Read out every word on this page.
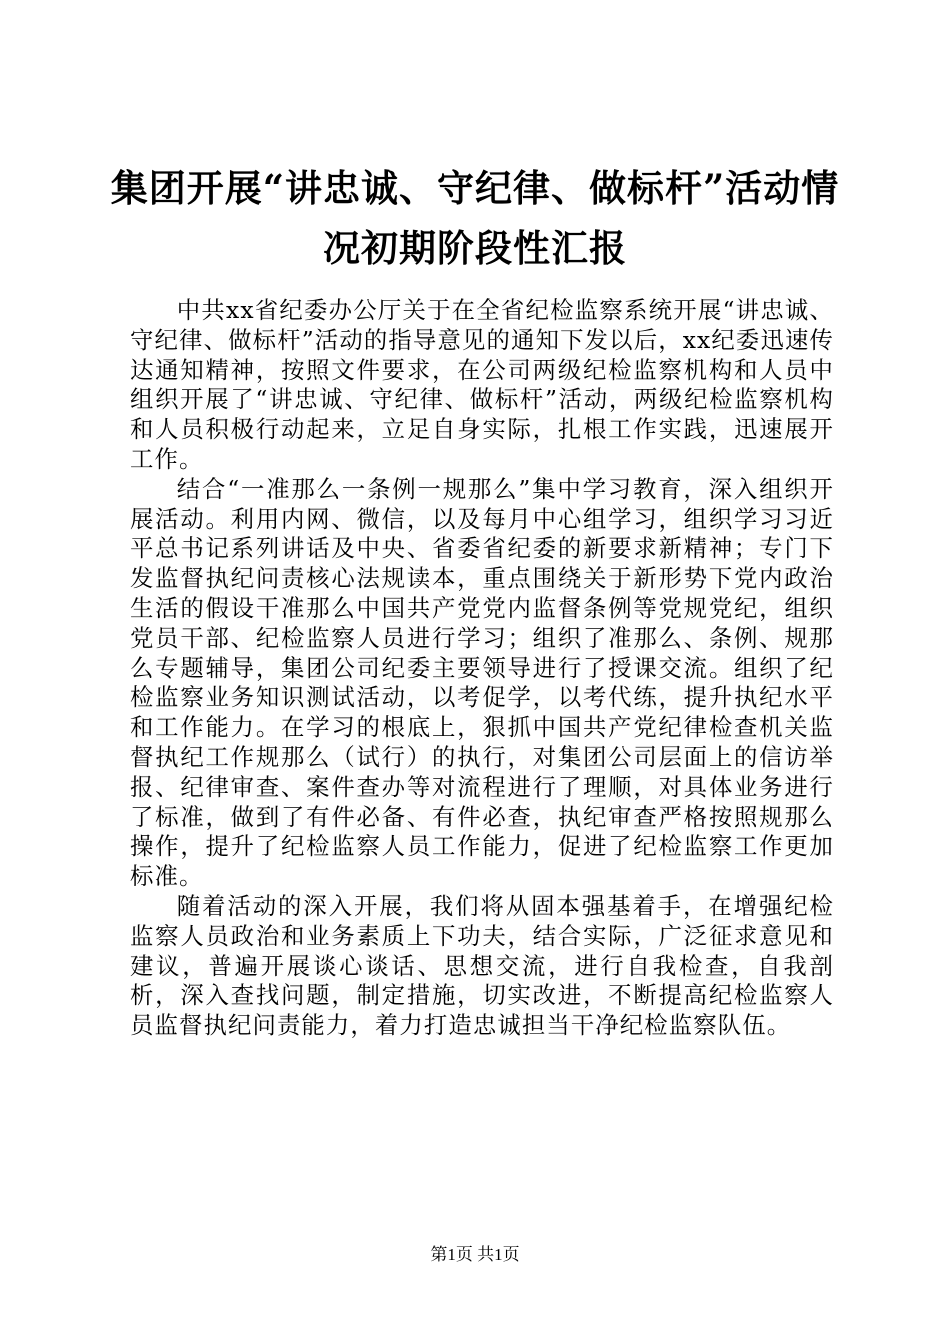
集团开展“讲忠诚、守纪律、做标杆”活动情
况初期阶段性汇报

中共xx省纪委办公厅关于在全省纪检监察系统开展“讲忠诚、守纪律、做标杆”活动的指导意见的通知下发以后，xx纪委迅速传达通知精神，按照文件要求，在公司两级纪检监察机构和人员中组织开展了“讲忠诚、守纪律、做标杆”活动，两级纪检监察机构和人员积极行动起来，立足自身实际，扎根工作实践，迅速展开工作。

结合“一准那么一条例一规那么”集中学习教育，深入组织开展活动。利用内网、微信，以及每月中心组学习，组织学习习近平总书记系列讲话及中央、省委省纪委的新要求新精神；专门下发监督执纪问责核心法规读本，重点围绕关于新形势下党内政治生活的假设干准那么中国共产党党内监督条例等党规党纪，组织党员干部、纪检监察人员进行学习；组织了准那么、条例、规那么专题辅导，集团公司纪委主要领导进行了授课交流。组织了纪检监察业务知识测试活动，以考促学，以考代练，提升执纪水平和工作能力。在学习的根底上，狠抓中国共产党纪律检查机关监督执纪工作规那么（试行）的执行，对集团公司层面上的信访举报、纪律审查、案件查办等对流程进行了理顺，对具体业务进行了标准，做到了有件必备、有件必查，执纪审查严格按照规那么操作，提升了纪检监察人员工作能力，促进了纪检监察工作更加标准。

随着活动的深入开展，我们将从固本强基着手，在增强纪检监察人员政治和业务素质上下功夫，结合实际，广泛征求意见和建议，普遍开展谈心谈话、思想交流，进行自我检查，自我剖析，深入查找问题，制定措施，切实改进，不断提高纪检监察人员监督执纪问责能力，着力打造忠诚担当干净纪检监察队伍。

第1页 共1页
